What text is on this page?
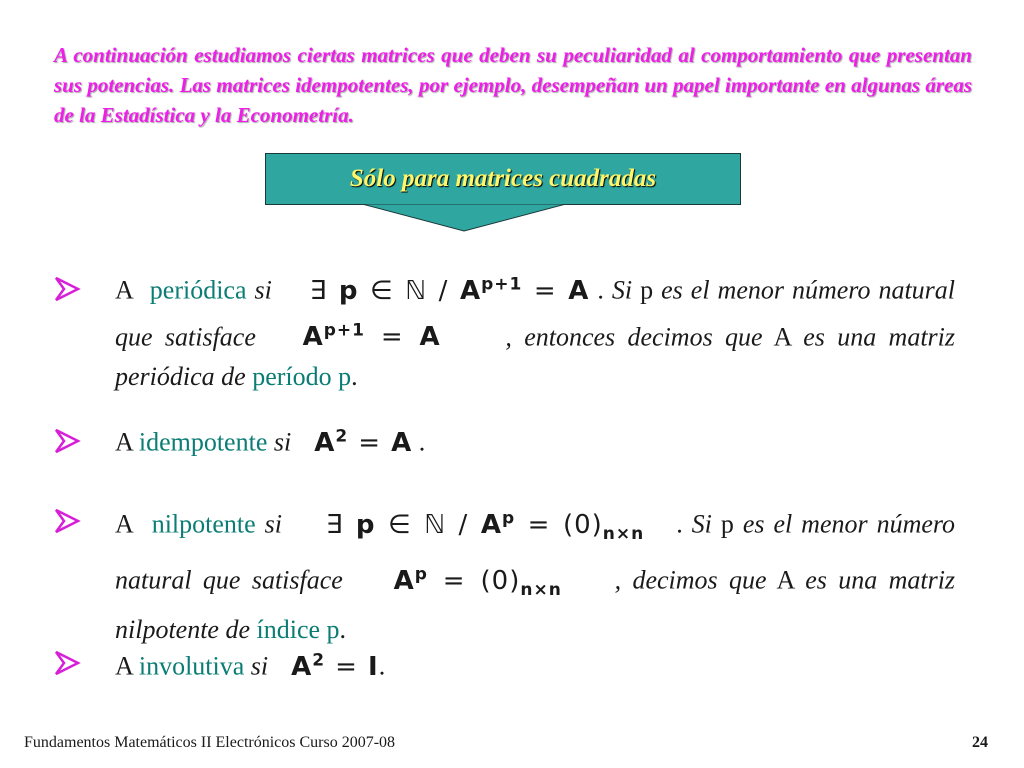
A continuación estudiamos ciertas matrices que deben su peculiaridad al comportamiento que presentan sus potencias. Las matrices idempotentes, por ejemplo, desempeñan un papel importante en algunas áreas de la Estadística y la Econometría.

Sólo para matrices cuadradas
A periódica si ∃ p ∈ ℕ / $A^{p+1} = A$ . Si p es el menor número natural que satisface $A^{p+1} = A$ , entonces decimos que A es una matriz periódica de período p.
A idempotente si $A^2 = A$ .
A nilpotente si ∃ p ∈ ℕ / $A^p = (0)_{n\times n}$ . Si p es el menor número natural que satisface $A^p = (0)_{n\times n}$ , decimos que A es una matriz nilpotente de índice p.
A involutiva si $A^2 = I$.
Fundamentos Matemáticos II Electrónicos Curso 2007-08	24
